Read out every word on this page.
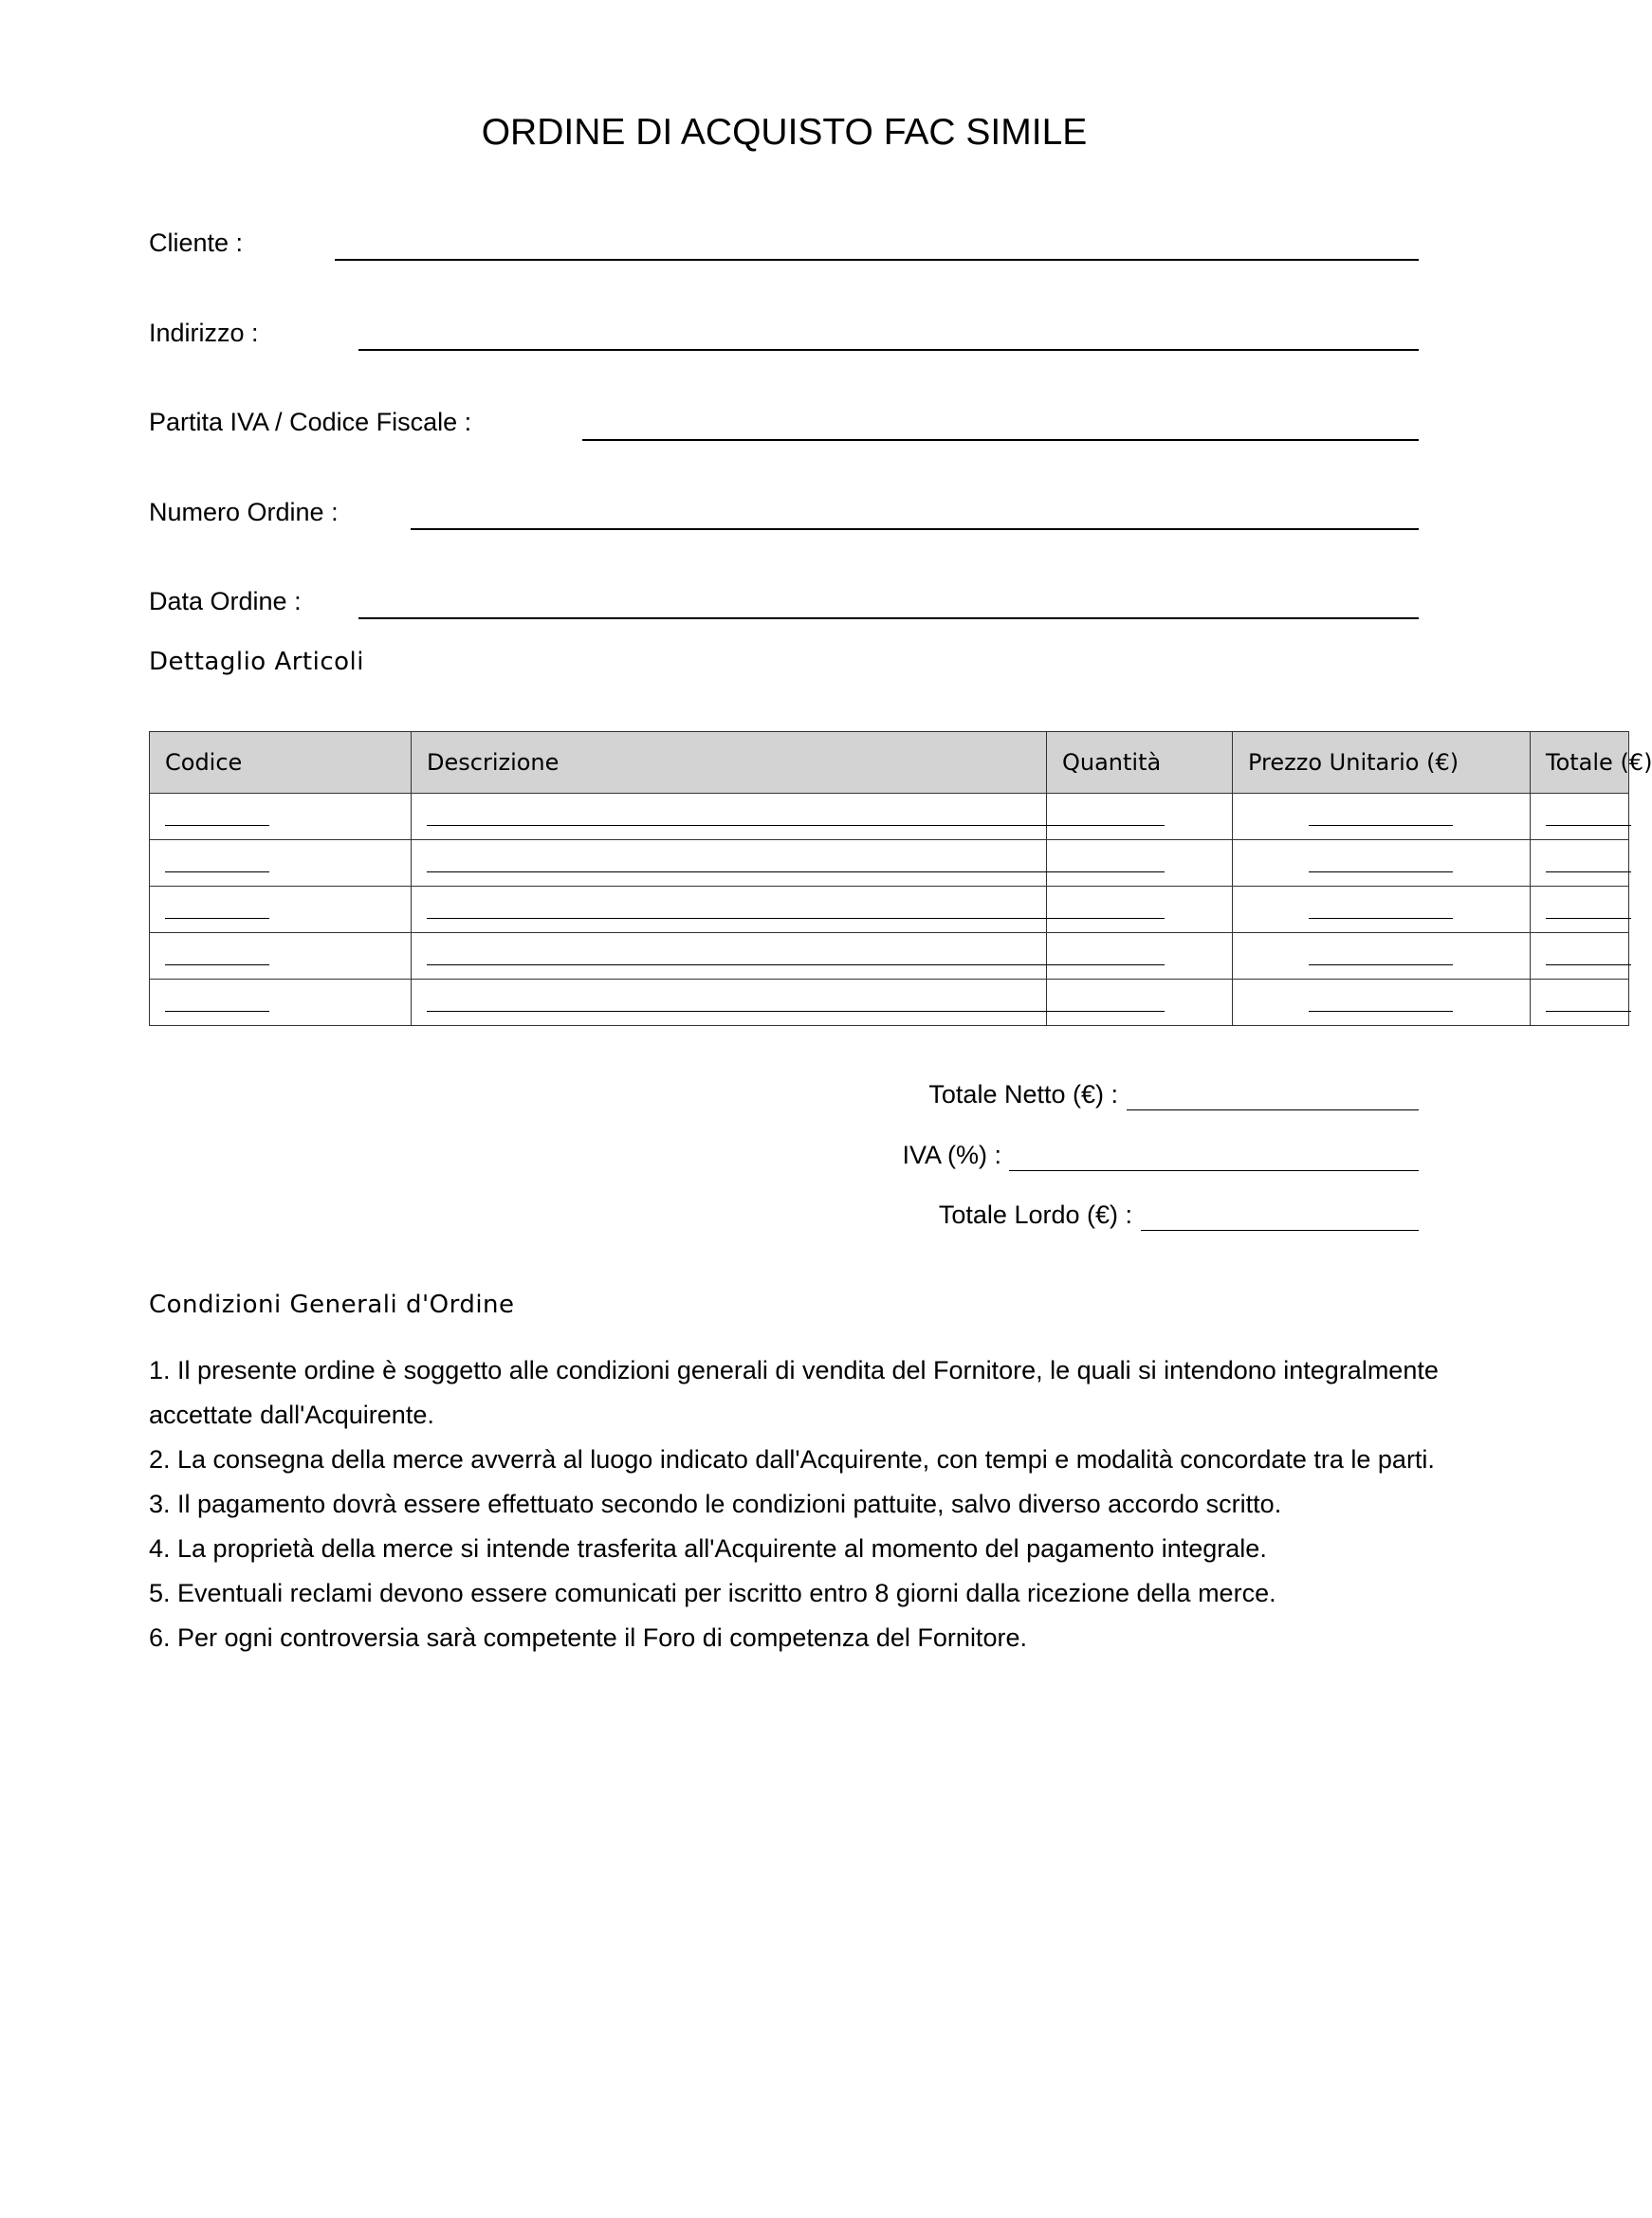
ORDINE DI ACQUISTO FAC SIMILE
Cliente :
Indirizzo :
Partita IVA / Codice Fiscale :
Numero Ordine :
Data Ordine :
Dettaglio Articoli
Codice	Descrizione	Quantità	Prezzo Unitario (€)	Totale (€)

Totale Netto (€) :
IVA (%) :
Totale Lordo (€) :
Condizioni Generali d'Ordine

1. Il presente ordine è soggetto alle condizioni generali di vendita del Fornitore, le quali si intendono integralmente accettate dall'Acquirente.

2. La consegna della merce avverrà al luogo indicato dall'Acquirente, con tempi e modalità concordate tra le parti.

3. Il pagamento dovrà essere effettuato secondo le condizioni pattuite, salvo diverso accordo scritto.

4. La proprietà della merce si intende trasferita all'Acquirente al momento del pagamento integrale.

5. Eventuali reclami devono essere comunicati per iscritto entro 8 giorni dalla ricezione della merce.

6. Per ogni controversia sarà competente il Foro di competenza del Fornitore.
